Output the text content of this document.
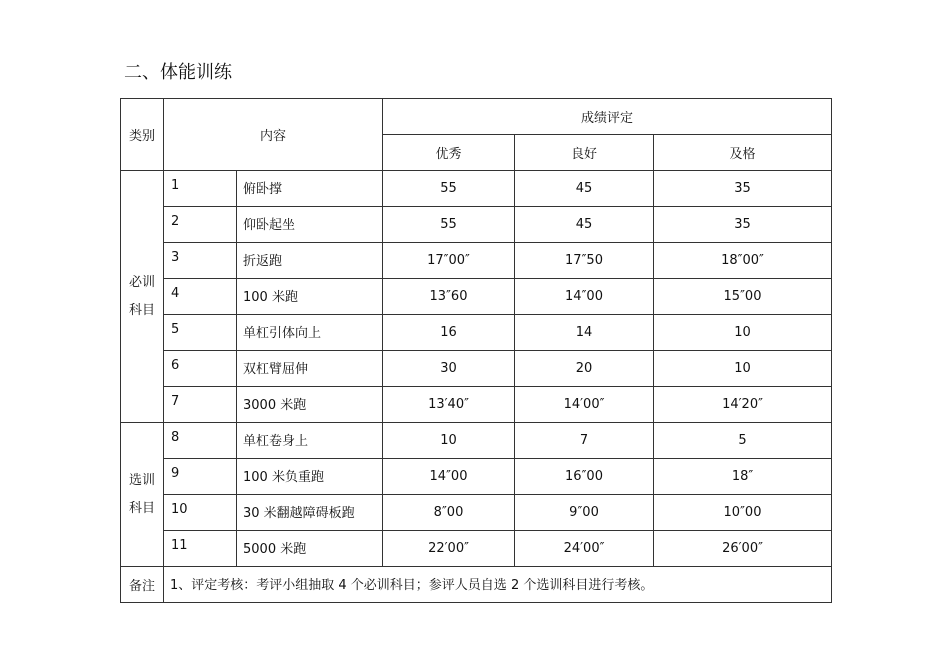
二、体能训练
类别	内容		成绩评定		
			优秀	良好	及格

必训
科目	1	俯卧撑	55	45	35
	2	仰卧起坐	55	45	35
	3	折返跑	17″00″	17″50	18″00″
	4	100 米跑	13″60	14″00	15″00
	5	单杠引体向上	16	14	10
	6	双杠臂屈伸	30	20	10
	7	3000 米跑	13′40″	14′00″	14′20″

选训
科目	8	单杠卷身上	10	7	5
	9	100 米负重跑	14″00	16″00	18″
	10	30 米翻越障碍板跑	8″00	9″00	10″00
	11	5000 米跑	22′00″	24′00″	26′00″
备注	1、评定考核：考评小组抽取 4 个必训科目；参评人员自选 2 个选训科目进行考核。				
